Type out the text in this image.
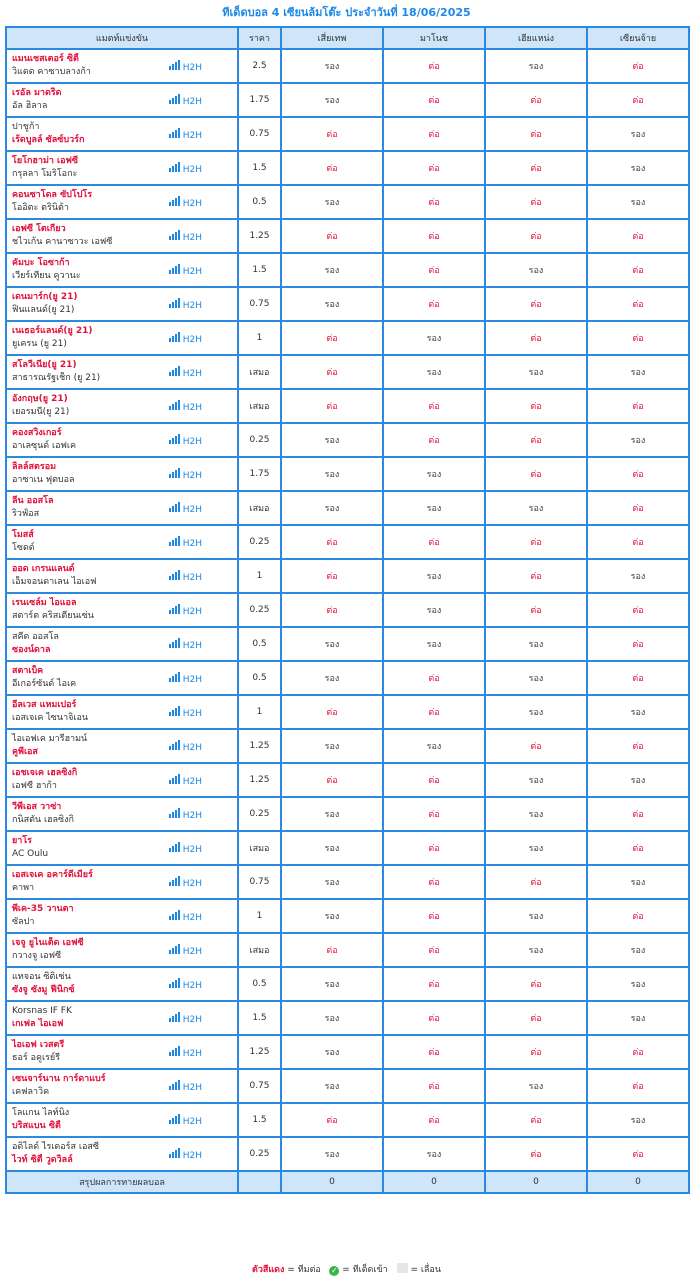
ทีเด็ดบอล 4 เซียนล้มโต๊ะ ประจำวันที่ 18/06/2025
แมตท์แข่งขัน	ราคา	เสี่ยเทพ	มาโนช	เฮียแหน่ง	เซียนจ้าย

แมนเชสเตอร์ ซิตี้
วิแดด คาซาบลางก้า H2H	2.5	รอง	ต่อ	รอง	ต่อ

เรอัล มาดริด
อัล ฮิลาล H2H	1.75	รอง	ต่อ	ต่อ	ต่อ

ปาชูก้า
เร้ดบูลล์ ซัลซ์บวร์ก H2H	0.75	ต่อ	ต่อ	ต่อ	รอง

โยโกฮาม่า เอฟซี
กรุลลา โมริโอกะ H2H	1.5	ต่อ	ต่อ	ต่อ	รอง

คอนซาโดล ซัปโปโร
โออิตะ ตรินิต้า H2H	0.5	รอง	ต่อ	ต่อ	รอง

เอฟซี โตเกียว
ชไวเก้น คานาซาวะ เอฟซี H2H	1.25	ต่อ	ต่อ	ต่อ	ต่อ

คัมบะ โอซาก้า
เวียร์เทียน คูวานะ H2H	1.5	รอง	ต่อ	รอง	ต่อ

เดนมาร์ก(ยู 21)
ฟินแลนด์(ยู 21) H2H	0.75	รอง	ต่อ	ต่อ	ต่อ

เนเธอร์แลนด์(ยู 21)
ยูเครน (ยู 21) H2H	1	ต่อ	รอง	ต่อ	ต่อ

สโลวีเนีย(ยู 21)
สาธารณรัฐเช็ก (ยู 21) H2H	เสมอ	ต่อ	รอง	รอง	รอง

อังกฤษ(ยู 21)
เยอรมนี(ยู 21) H2H	เสมอ	ต่อ	ต่อ	ต่อ	ต่อ

คองสวิงเกอร์
อาเลซุนด์ เอฟเค H2H	0.25	รอง	ต่อ	ต่อ	รอง

ลิลล์สตรอม
อาซาเน ฟุตบอล H2H	1.75	รอง	รอง	ต่อ	ต่อ

ลีน ออสโล
ริวฟ์อส H2H	เสมอ	รอง	รอง	รอง	ต่อ

โมสส์
โซดด์ H2H	0.25	ต่อ	ต่อ	ต่อ	ต่อ

ออด เกรนแลนด์
เอ็มจอนดาเลน ไอเอฟ H2H	1	ต่อ	รอง	ต่อ	รอง

เรนเซล์ม ไอแอล
สตาร์ต คริสเตียนเซ่น H2H	0.25	ต่อ	รอง	ต่อ	ต่อ

สคีด ออสโล
ซองน์ดาล H2H	0.5	รอง	รอง	รอง	ต่อ

สตาเบ็ค
อีเกอร์ซันด์ ไอเค H2H	0.5	รอง	ต่อ	รอง	ต่อ

อีลเวส แหมเปอร์
เอสเจเค ไซนาจิเอน H2H	1	ต่อ	ต่อ	รอง	รอง

ไอเอฟเค มารีฮามน์
คูพีเอส H2H	1.25	รอง	รอง	ต่อ	ต่อ

เอชเจเค เฮลซิงกิ
เอฟซี ฮาก้า H2H	1.25	ต่อ	ต่อ	รอง	รอง

วีพีเอส วาซ่า
กนิสตัน เฮลซิงกิ H2H	0.25	รอง	ต่อ	รอง	ต่อ

ยาโร
AC Oulu H2H	เสมอ	รอง	ต่อ	รอง	ต่อ

เอสเจเค อคาร์ดีเมียร์
คาพา H2H	0.75	รอง	ต่อ	ต่อ	รอง

พีเค-35 วานตา
ซัลปา H2H	1	รอง	ต่อ	รอง	ต่อ

เจจู ยูไนเต็ด เอฟซี
กวางจู เอฟซี H2H	เสมอ	ต่อ	ต่อ	รอง	รอง

แทจอน ซิติเซ่น
ซังจู ซังมู ฟีนิกซ์ H2H	0.5	รอง	ต่อ	ต่อ	รอง

Korsnas IF FK
เกเฟล ไอเอฟ H2H	1.5	รอง	ต่อ	ต่อ	รอง

ไอเอฟ เวสตรี
ธอร์ อคูเรย์รี H2H	1.25	รอง	ต่อ	ต่อ	ต่อ

เซนจาร์นาน การ์ดาแบร์
เคฟลาวิค H2H	0.75	รอง	ต่อ	รอง	ต่อ

โลแกน ไลท์นิ่ง
บริสแบน ซิตี้ H2H	1.5	ต่อ	ต่อ	ต่อ	รอง

อดิไลด์ ไรเดอร์ส เอสซี
ไวท์ ซิตี้ วูดวิลล์ H2H	0.25	รอง	รอง	ต่อ	ต่อ
สรุปผลการทายผลบอล		0	0	0	0
ตัวสีแดง = ทีมต่อ ✓ = ทีเด็ดเข้า	= เลื่อน
